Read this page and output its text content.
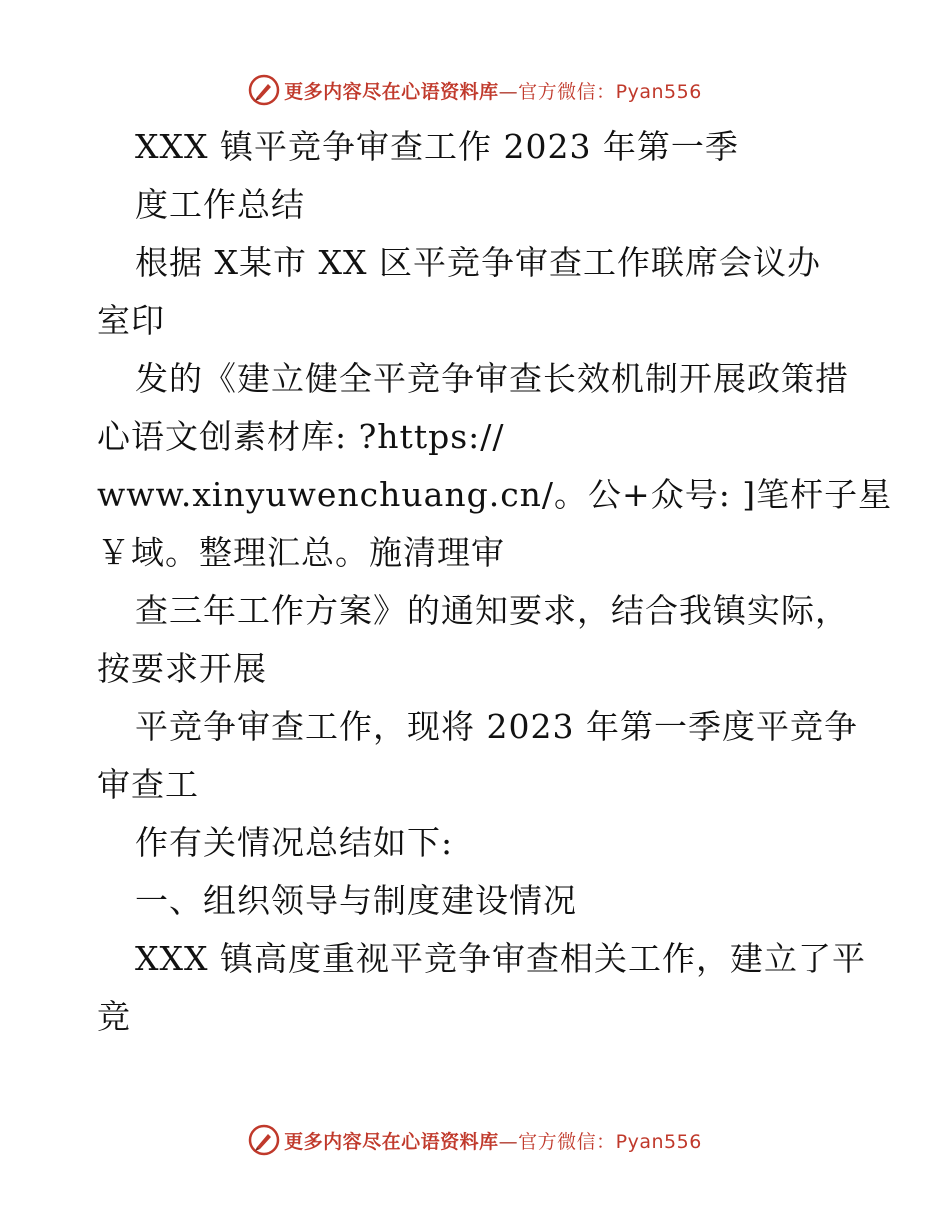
更多内容尽在心语资料库—官方微信：Pyan556
XXX 镇平竞争审查工作 2023 年第一季
度工作总结
根据 X某市 XX 区平竞争审查工作联席会议办
室印
发的《建立健全平竞争审查长效机制开展政策措
心语文创素材库: ?https://
www.xinyuwenchuang.cn/。公+众号: ]笔杆子星
￥域。整理汇总。施清理审
查三年工作方案》的通知要求，结合我镇实际，
按要求开展
平竞争审查工作，现将 2023 年第一季度平竞争
审查工
作有关情况总结如下:
一、组织领导与制度建设情况
XXX 镇高度重视平竞争审查相关工作，建立了平
竞
更多内容尽在心语资料库—官方微信：Pyan556
